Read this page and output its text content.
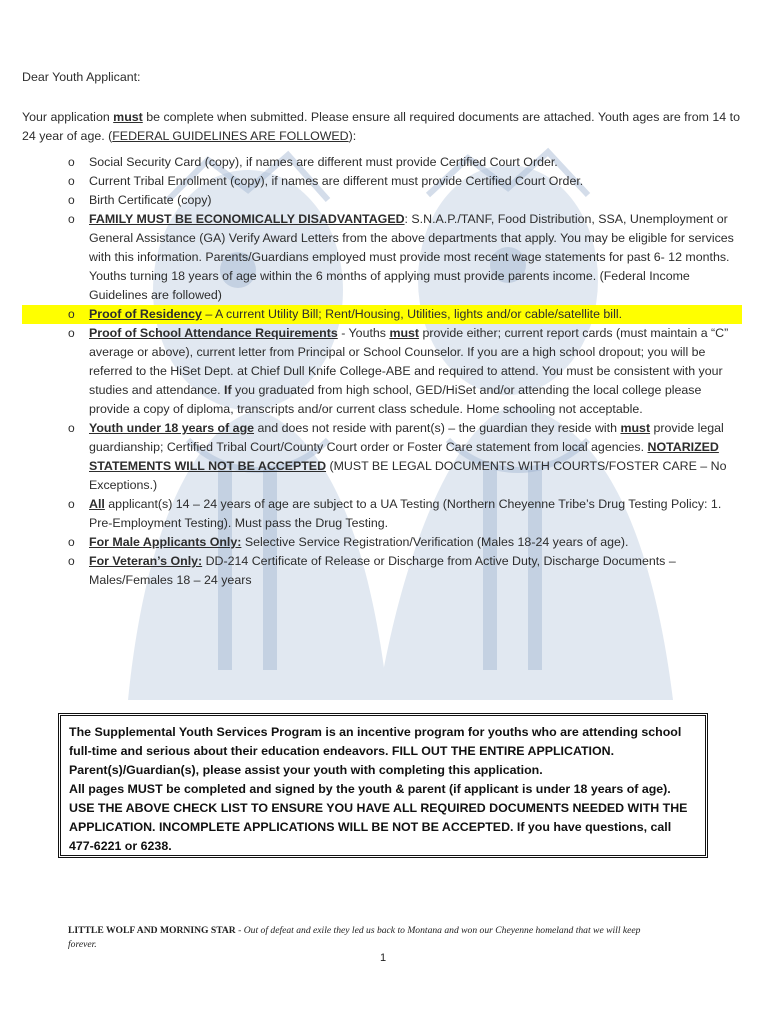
Dear Youth Applicant:

Your application must be complete when submitted. Please ensure all required documents are attached. Youth ages are from 14 to 24 year of age. (FEDERAL GUIDELINES ARE FOLLOWED):

o Social Security Card (copy), if names are different must provide Certified Court Order.
o Current Tribal Enrollment (copy), if names are different must provide Certified Court Order.
o Birth Certificate (copy)
o FAMILY MUST BE ECONOMICALLY DISADVANTAGED: S.N.A.P./TANF, Food Distribution, SSA, Unemployment or General Assistance (GA) Verify Award Letters from the above departments that apply. You may be eligible for services with this information. Parents/Guardians employed must provide most recent wage statements for past 6- 12 months. Youths turning 18 years of age within the 6 months of applying must provide parents income. (Federal Income Guidelines are followed)
o Proof of Residency – A current Utility Bill; Rent/Housing, Utilities, lights and/or cable/satellite bill.
o Proof of School Attendance Requirements - Youths must provide either; current report cards (must maintain a “C” average or above), current letter from Principal or School Counselor. If you are a high school dropout; you will be referred to the HiSet Dept. at Chief Dull Knife College-ABE and required to attend. You must be consistent with your studies and attendance. If you graduated from high school, GED/HiSet and/or attending the local college please provide a copy of diploma, transcripts and/or current class schedule. Home schooling not acceptable.
o Youth under 18 years of age and does not reside with parent(s) – the guardian they reside with must provide legal guardianship; Certified Tribal Court/County Court order or Foster Care statement from local agencies. NOTARIZED STATEMENTS WILL NOT BE ACCEPTED (MUST BE LEGAL DOCUMENTS WITH COURTS/FOSTER CARE – No Exceptions.)
o All applicant(s) 14 – 24 years of age are subject to a UA Testing (Northern Cheyenne Tribe’s Drug Testing Policy: 1. Pre-Employment Testing). Must pass the Drug Testing.
o For Male Applicants Only: Selective Service Registration/Verification (Males 18-24 years of age).
o For Veteran’s Only: DD-214 Certificate of Release or Discharge from Active Duty, Discharge Documents – Males/Females 18 – 24 years
The Supplemental Youth Services Program is an incentive program for youths who are attending school full-time and serious about their education endeavors. FILL OUT THE ENTIRE APPLICATION.
Parent(s)/Guardian(s), please assist your youth with completing this application.
All pages MUST be completed and signed by the youth & parent (if applicant is under 18 years of age).
USE THE ABOVE CHECK LIST TO ENSURE YOU HAVE ALL REQUIRED DOCUMENTS NEEDED WITH THE APPLICATION. INCOMPLETE APPLICATIONS WILL BE NOT BE ACCEPTED. If you have questions, call 477-6221 or 6238.
LITTLE WOLF AND MORNING STAR - Out of defeat and exile they led us back to Montana and won our Cheyenne homeland that we will keep forever.
1
